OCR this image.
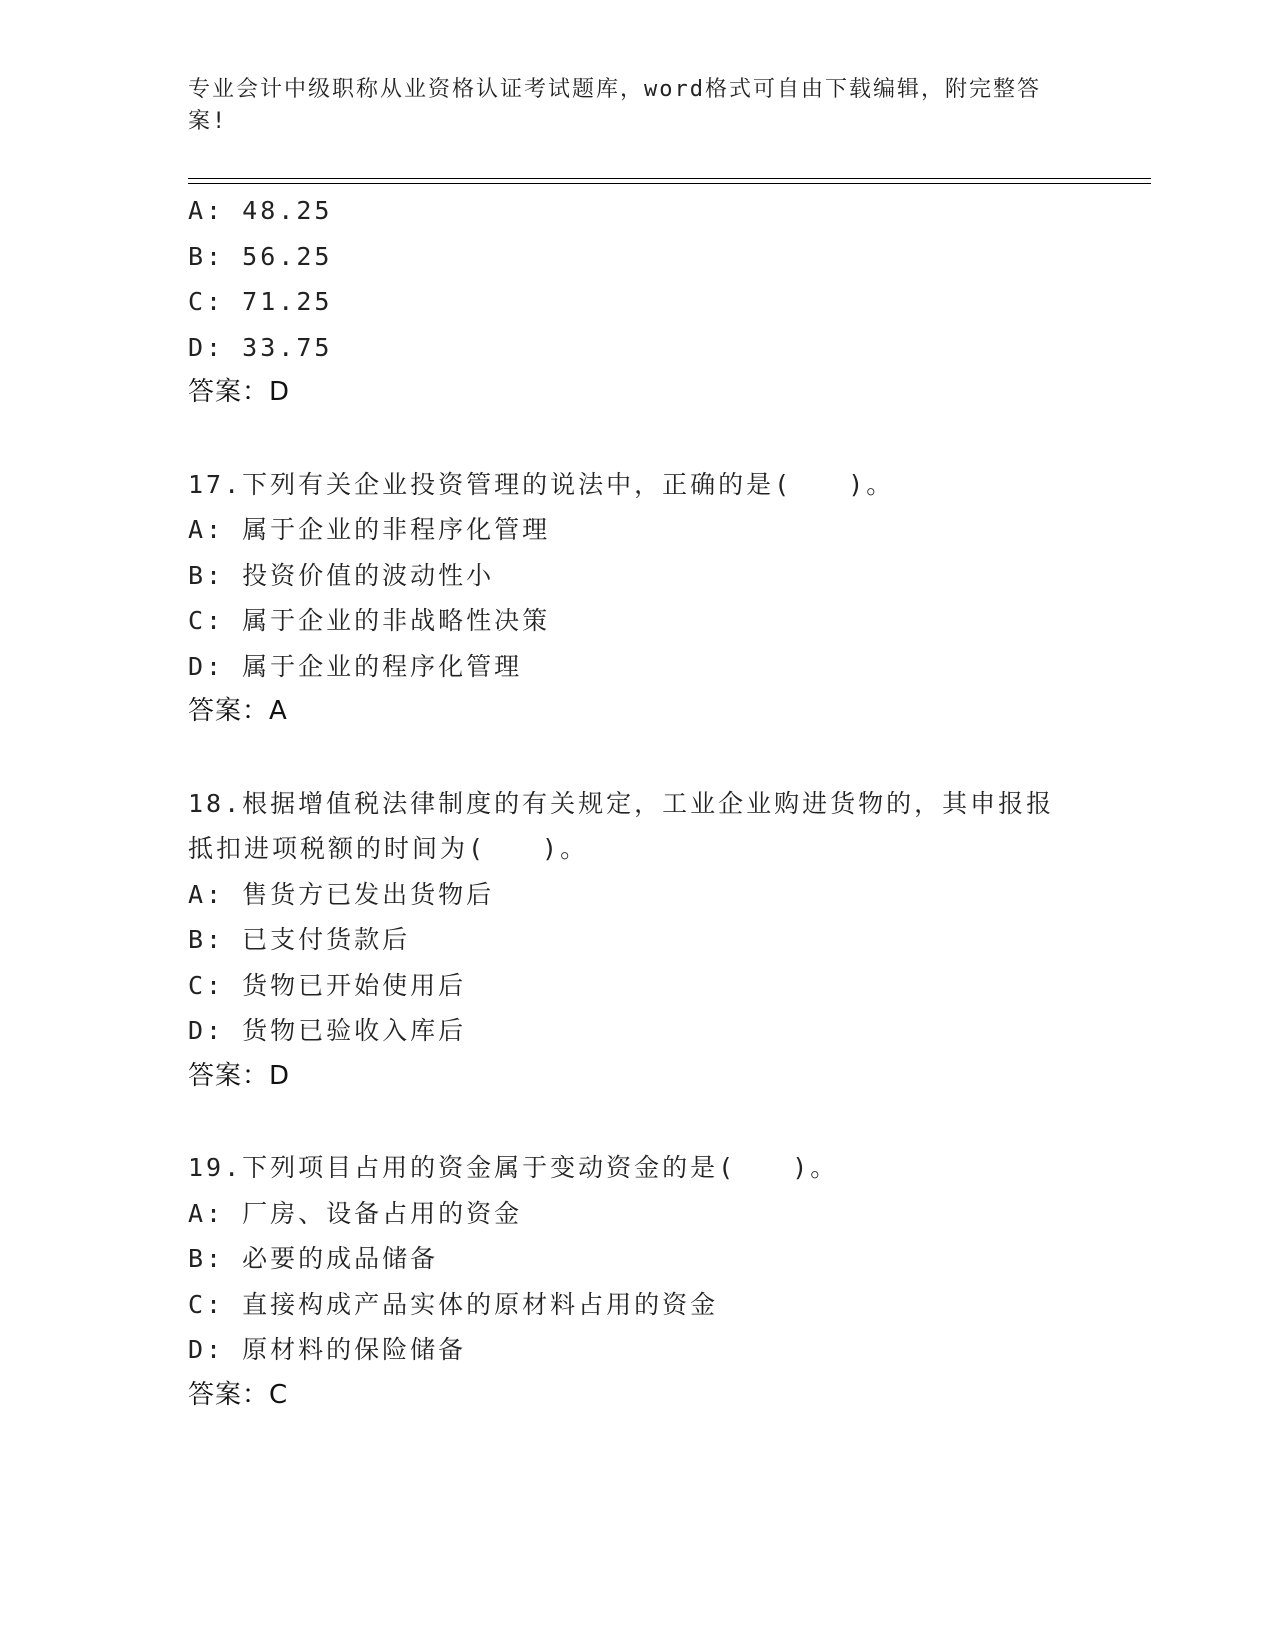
专业会计中级职称从业资格认证考试题库，word格式可自由下载编辑，附完整答
案!
A: 48.25
B: 56.25
C: 71.25
D: 33.75
答案：D
17.下列有关企业投资管理的说法中，正确的是(　　)。
A: 属于企业的非程序化管理
B: 投资价值的波动性小
C: 属于企业的非战略性决策
D: 属于企业的程序化管理
答案：A
18.根据增值税法律制度的有关规定，工业企业购进货物的，其申报报
抵扣进项税额的时间为(　　)。
A: 售货方已发出货物后
B: 已支付货款后
C: 货物已开始使用后
D: 货物已验收入库后
答案：D
19.下列项目占用的资金属于变动资金的是(　　)。
A: 厂房、设备占用的资金
B: 必要的成品储备
C: 直接构成产品实体的原材料占用的资金
D: 原材料的保险储备
答案：C
